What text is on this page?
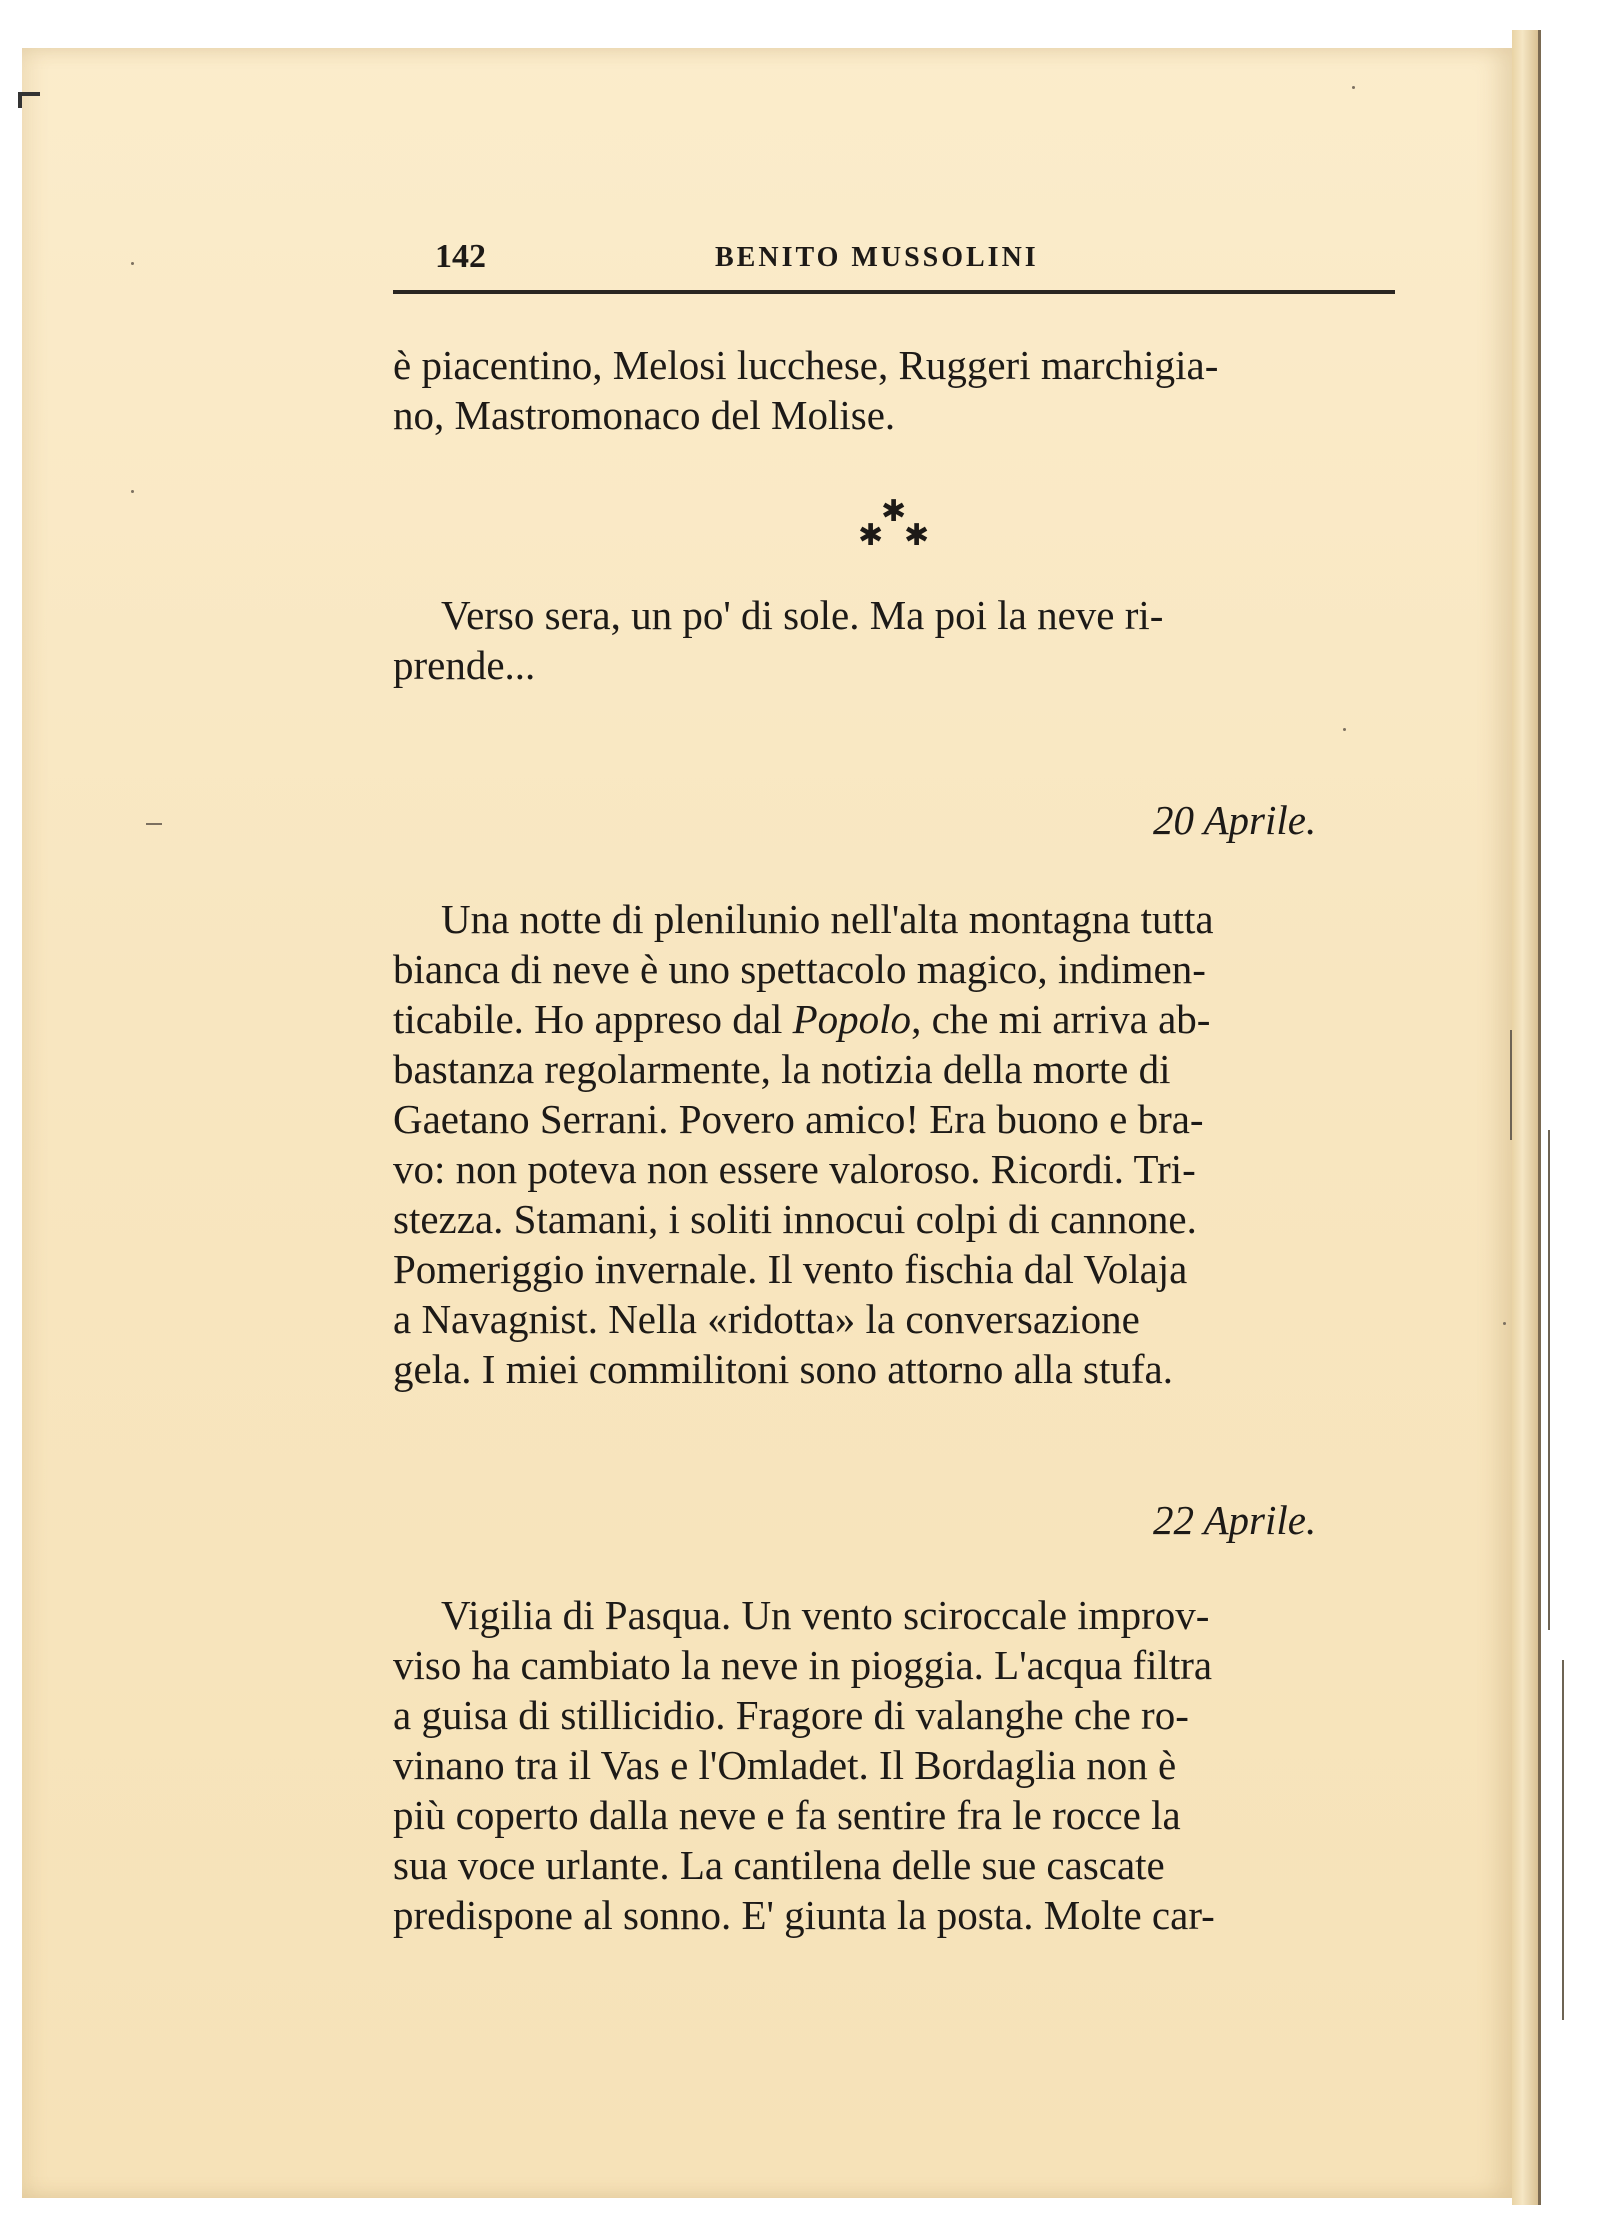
142	BENITO MUSSOLINI

è piacentino, Melosi lucchese, Ruggeri marchigia-
no, Mastromonaco del Molise.

✱
✱ ✱

Verso sera, un po' di sole. Ma poi la neve ri-
prende...

20 Aprile.

Una notte di plenilunio nell'alta montagna tutta
bianca di neve è uno spettacolo magico, indimen-
ticabile. Ho appreso dal Popolo, che mi arriva ab-
bastanza regolarmente, la notizia della morte di
Gaetano Serrani. Povero amico! Era buono e bra-
vo: non poteva non essere valoroso. Ricordi. Tri-
stezza. Stamani, i soliti innocui colpi di cannone.
Pomeriggio invernale. Il vento fischia dal Volaja
a Navagnist. Nella «ridotta» la conversazione
gela. I miei commilitoni sono attorno alla stufa.

22 Aprile.

Vigilia di Pasqua. Un vento sciroccale improv-
viso ha cambiato la neve in pioggia. L'acqua filtra
a guisa di stillicidio. Fragore di valanghe che ro-
vinano tra il Vas e l'Omladet. Il Bordaglia non è
più coperto dalla neve e fa sentire fra le rocce la
sua voce urlante. La cantilena delle sue cascate
predispone al sonno. E' giunta la posta. Molte car-
